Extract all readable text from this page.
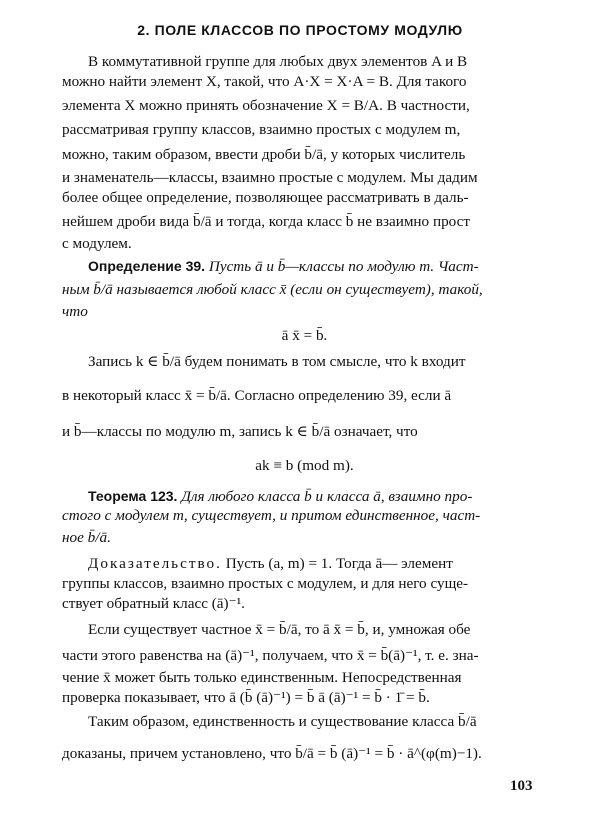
2. ПОЛЕ КЛАССОВ ПО ПРОСТОМУ МОДУЛЮ
В коммутативной группе для любых двух элементов A и B
можно найти элемент X, такой, что A·X = X·A = B. Для такого
элемента X можно принять обозначение X = B/A. В частности,
рассматривая группу классов, взаимно простых с модулем m,
можно, таким образом, ввести дроби b̄/ā, у которых числитель
и знаменатель—классы, взаимно простые с модулем. Мы дадим
более общее определение, позволяющее рассматривать в даль-
нейшем дроби вида b̄/ā и тогда, когда класс b̄ не взаимно прост
с модулем.
Определение 39. Пусть ā и b̄—классы по модулю m. Част-
ным b̄/ā называется любой класс x̄ (если он существует), такой,
что
ā x̄ = b̄.
Запись k ∈ b̄/ā будем понимать в том смысле, что k входит
в некоторый класс x̄ = b̄/ā. Согласно определению 39, если ā
и b̄—классы по модулю m, запись k ∈ b̄/ā означает, что
ak ≡ b (mod m).
Теорема 123. Для любого класса b̄ и класса ā, взаимно про-
стого с модулем m, существует, и притом единственное, част-
ное b̄/ā.
Доказательство. Пусть (a, m) = 1. Тогда ā— элемент
группы классов, взаимно простых с модулем, и для него суще-
ствует обратный класс (ā)⁻¹.
Если существует частное x̄ = b̄/ā, то ā x̄ = b̄, и, умножая обе
части этого равенства на (ā)⁻¹, получаем, что x̄ = b̄(ā)⁻¹, т. е. зна-
чение x̄ может быть только единственным. Непосредственная
проверка показывает, что ā (b̄ (ā)⁻¹) = b̄ ā (ā)⁻¹ = b̄ · 1̄ = b̄.
Таким образом, единственность и существование класса b̄/ā
доказаны, причем установлено, что b̄/ā = b̄ (ā)⁻¹ = b̄ · ā^(φ(m)−1).
103
